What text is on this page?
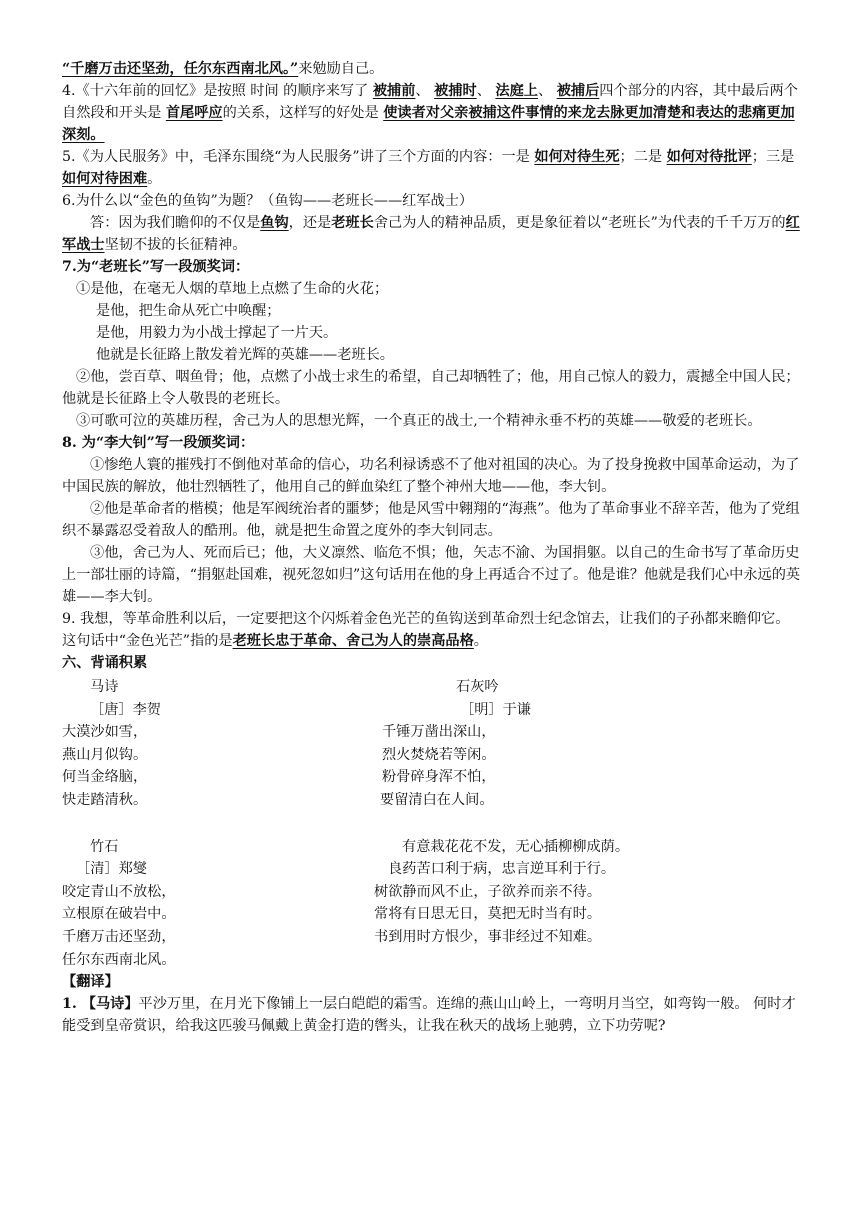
“千磨万击还坚劲，任尔东西南北风。”来勉励自己。

4.《十六年前的回忆》是按照 时间 的顺序来写了 被捕前、 被捕时、 法庭上、 被捕后四个部分的内容，其中最后两个自然段和开头是 首尾呼应的关系，这样写的好处是 使读者对父亲被捕这件事情的来龙去脉更加清楚和表达的悲痛更加深刻。

5.《为人民服务》中，毛泽东围绕“为人民服务”讲了三个方面的内容：一是 如何对待生死；二是 如何对待批评；三是 如何对待困难。

6.为什么以“金色的鱼钩”为题？（鱼钩——老班长——红军战士）

答：因为我们瞻仰的不仅是鱼钩，还是老班长舍己为人的精神品质，更是象征着以“老班长”为代表的千千万万的红军战士坚韧不拔的长征精神。

7.为“老班长”写一段颁奖词：

①是他，在毫无人烟的草地上点燃了生命的火花；

是他，把生命从死亡中唤醒；

是他，用毅力为小战士撑起了一片天。

他就是长征路上散发着光辉的英雄——老班长。

②他，尝百草、咽鱼骨；他，点燃了小战士求生的希望，自己却牺牲了；他，用自己惊人的毅力，震撼全中国人民；他就是长征路上令人敬畏的老班长。

③可歌可泣的英雄历程，舍己为人的思想光辉，一个真正的战士,一个精神永垂不朽的英雄——敬爱的老班长。

8. 为“李大钊”写一段颁奖词：

①惨绝人寰的摧残打不倒他对革命的信心，功名利禄诱惑不了他对祖国的决心。为了投身挽救中国革命运动，为了中国民族的解放，他壮烈牺牲了，他用自己的鲜血染红了整个神州大地——他，李大钊。

②他是革命者的楷模；他是军阀统治者的噩梦；他是风雪中翱翔的“海燕”。他为了革命事业不辞辛苦，他为了党组织不暴露忍受着敌人的酷刑。他，就是把生命置之度外的李大钊同志。

③他，舍己为人、死而后已；他，大义凛然、临危不惧；他，矢志不渝、为国捐躯。以自己的生命书写了革命历史上一部壮丽的诗篇，“捐躯赴国难，视死忽如归”这句话用在他的身上再适合不过了。他是谁？他就是我们心中永远的英雄——李大钊。

9. 我想，等革命胜利以后，一定要把这个闪烁着金色光芒的鱼钩送到革命烈士纪念馆去，让我们的子孙都来瞻仰它。这句话中“金色光芒”指的是老班长忠于革命、舍己为人的崇高品格。

六、背诵积累

马诗	石灰吟
［唐］李贺	［明］于谦
大漠沙如雪，	千锤万凿出深山，
燕山月似钩。	烈火焚烧若等闲。
何当金络脑，	粉骨碎身浑不怕，
快走踏清秋。	要留清白在人间。
竹石	有意栽花花不发，无心插柳柳成荫。
［清］郑燮	良药苦口利于病，忠言逆耳利于行。
咬定青山不放松，	树欲静而风不止，子欲养而亲不待。
立根原在破岩中。	常将有日思无日，莫把无时当有时。
千磨万击还坚劲，	书到用时方恨少，事非经过不知难。
任尔东西南北风。

【翻译】

1. 【马诗】平沙万里，在月光下像铺上一层白皑皑的霜雪。连绵的燕山山岭上，一弯明月当空，如弯钩一般。 何时才能受到皇帝赏识，给我这匹骏马佩戴上黄金打造的辔头，让我在秋天的战场上驰骋，立下功劳呢?
